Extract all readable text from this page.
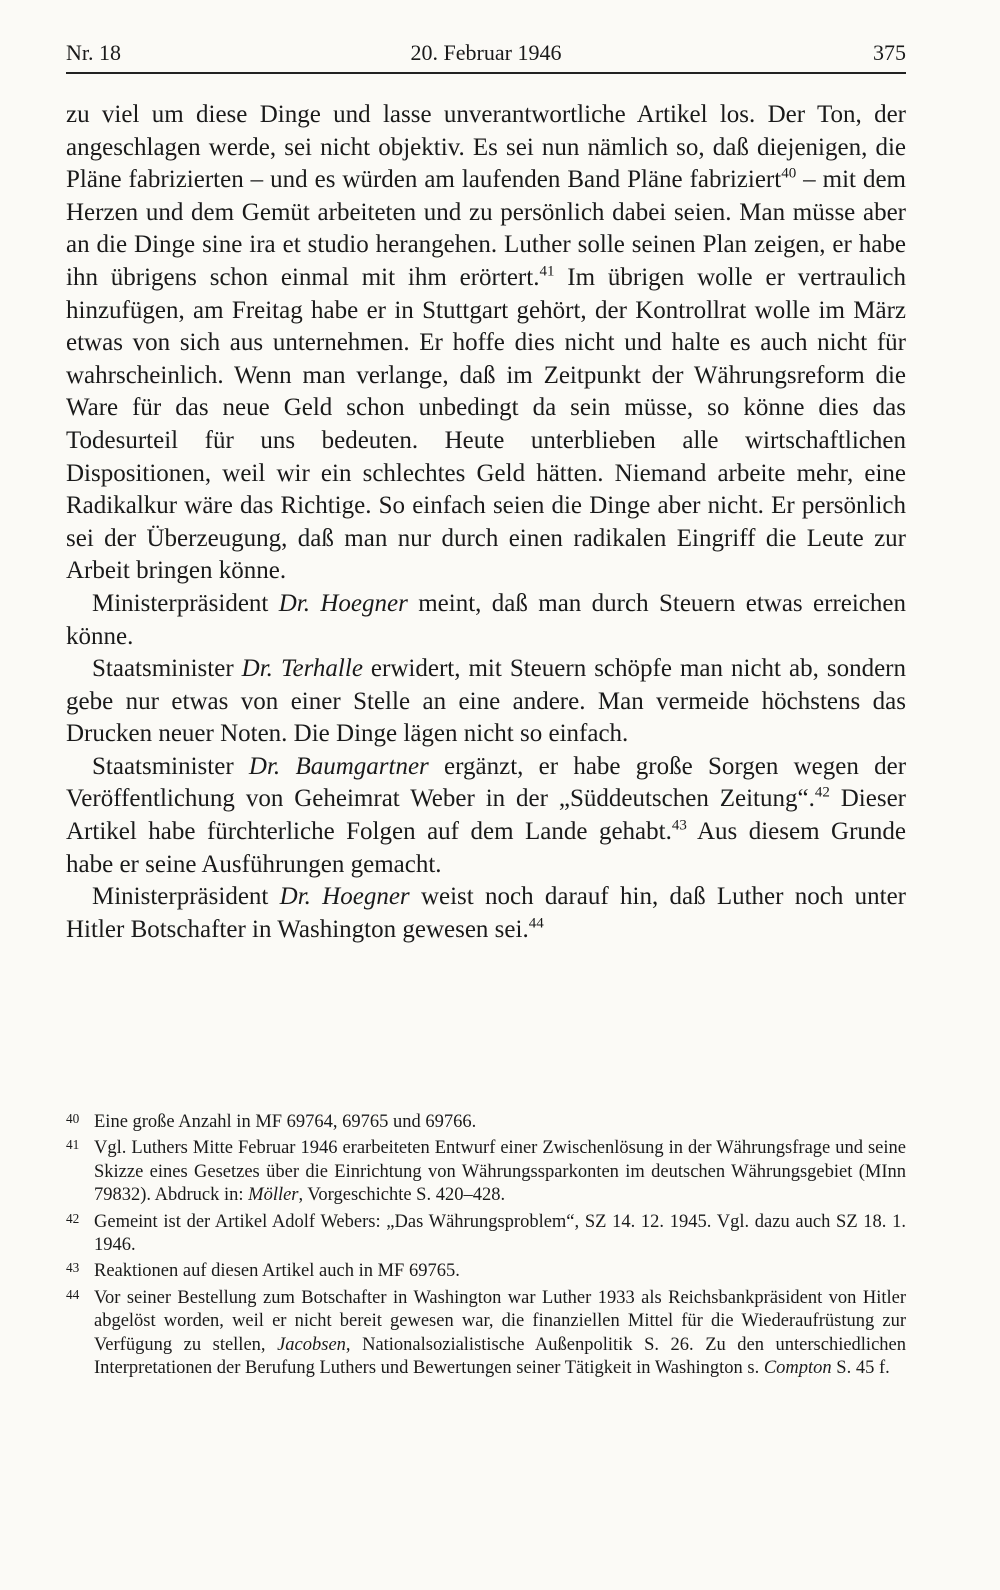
Nr. 18	20. Februar 1946	375

zu viel um diese Dinge und lasse unverantwortliche Artikel los. Der Ton, der angeschlagen werde, sei nicht objektiv. Es sei nun nämlich so, daß diejenigen, die Pläne fabrizierten – und es würden am laufenden Band Pläne fabriziert$^{40}$ – mit dem Herzen und dem Gemüt arbeiteten und zu persönlich dabei seien. Man müsse aber an die Dinge sine ira et studio herangehen. Luther solle seinen Plan zeigen, er habe ihn übrigens schon einmal mit ihm erörtert.$^{41}$ Im übrigen wolle er vertraulich hinzufügen, am Freitag habe er in Stuttgart gehört, der Kontrollrat wolle im März etwas von sich aus unternehmen. Er hoffe dies nicht und halte es auch nicht für wahrscheinlich. Wenn man verlange, daß im Zeitpunkt der Währungsreform die Ware für das neue Geld schon unbedingt da sein müsse, so könne dies das Todesurteil für uns bedeuten. Heute unterblieben alle wirtschaftlichen Dispositionen, weil wir ein schlechtes Geld hätten. Niemand arbeite mehr, eine Radikalkur wäre das Richtige. So einfach seien die Dinge aber nicht. Er persönlich sei der Überzeugung, daß man nur durch einen radikalen Eingriff die Leute zur Arbeit bringen könne.

Ministerpräsident Dr. Hoegner meint, daß man durch Steuern etwas erreichen könne.

Staatsminister Dr. Terhalle erwidert, mit Steuern schöpfe man nicht ab, sondern gebe nur etwas von einer Stelle an eine andere. Man vermeide höchstens das Drucken neuer Noten. Die Dinge lägen nicht so einfach.

Staatsminister Dr. Baumgartner ergänzt, er habe große Sorgen wegen der Veröffentlichung von Geheimrat Weber in der „Süddeutschen Zeitung“.$^{42}$ Dieser Artikel habe fürchterliche Folgen auf dem Lande gehabt.$^{43}$ Aus diesem Grunde habe er seine Ausführungen gemacht.

Ministerpräsident Dr. Hoegner weist noch darauf hin, daß Luther noch unter Hitler Botschafter in Washington gewesen sei.$^{44}$

40 Eine große Anzahl in MF 69764, 69765 und 69766.
41 Vgl. Luthers Mitte Februar 1946 erarbeiteten Entwurf einer Zwischenlösung in der Währungsfrage und seine Skizze eines Gesetzes über die Einrichtung von Währungssparkonten im deutschen Währungsgebiet (MInn 79832). Abdruck in: Möller, Vorgeschichte S. 420–428.
42 Gemeint ist der Artikel Adolf Webers: „Das Währungsproblem“, SZ 14. 12. 1945. Vgl. dazu auch SZ 18. 1. 1946.
43 Reaktionen auf diesen Artikel auch in MF 69765.
44 Vor seiner Bestellung zum Botschafter in Washington war Luther 1933 als Reichsbankpräsident von Hitler abgelöst worden, weil er nicht bereit gewesen war, die finanziellen Mittel für die Wiederaufrüstung zur Verfügung zu stellen, Jacobsen, Nationalsozialistische Außenpolitik S. 26. Zu den unterschiedlichen Interpretationen der Berufung Luthers und Bewertungen seiner Tätigkeit in Washington s. Compton S. 45 f.
